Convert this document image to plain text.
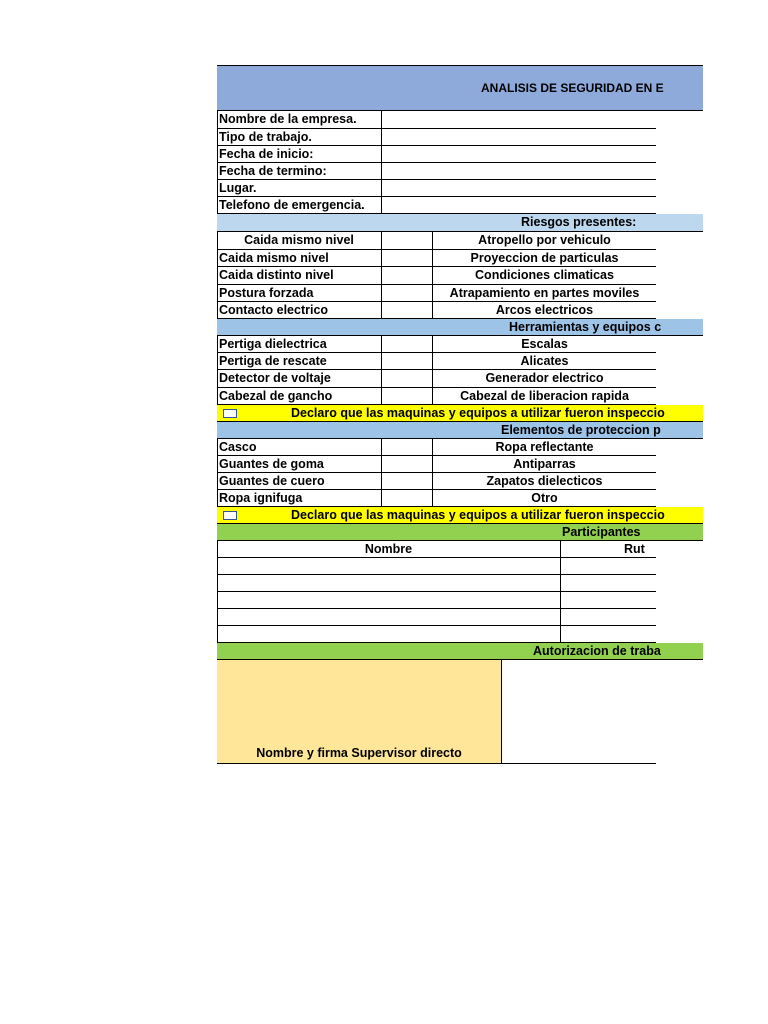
ANALISIS DE SEGURIDAD EN E
Nombre de la empresa.
Tipo de trabajo.
Fecha de inicio:
Fecha de termino:
Lugar.
Telefono de emergencia.
Riesgos presentes:
Caida mismo nivel	Atropello por vehiculo
Caida mismo nivel	Proyeccion de particulas
Caida distinto nivel	Condiciones climaticas
Postura forzada	Atrapamiento en partes moviles
Contacto electrico	Arcos electricos
Herramientas y equipos c
Pertiga dielectrica	Escalas
Pertiga de rescate	Alicates
Detector de voltaje	Generador electrico
Cabezal de gancho	Cabezal de liberacion rapida
Declaro que las maquinas y equipos a utilizar fueron inspeccio
Elementos de proteccion p
Casco	Ropa reflectante
Guantes de goma	Antiparras
Guantes de cuero	Zapatos dielecticos
Ropa ignifuga	Otro
Declaro que las maquinas y equipos a utilizar fueron inspeccio
Participantes
Nombre	Rut
Autorizacion de traba
Nombre y firma Supervisor directo
